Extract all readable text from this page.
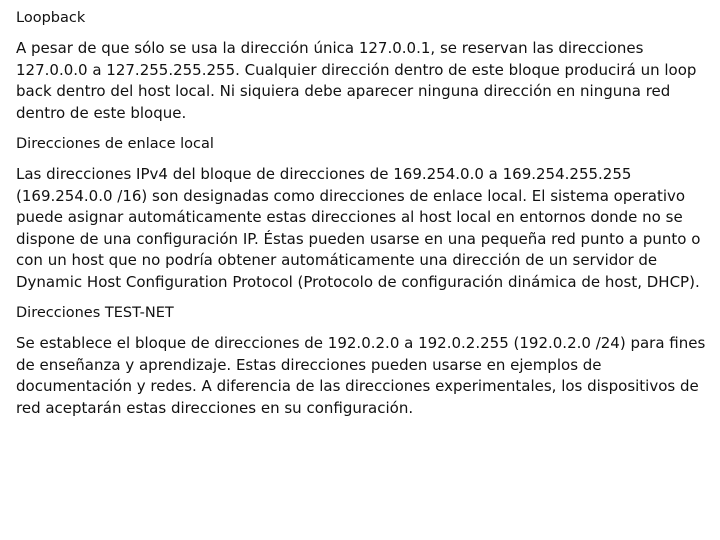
Loopback

A pesar de que sólo se usa la dirección única 127.0.0.1, se reservan las direcciones 127.0.0.0 a 127.255.255.255. Cualquier dirección dentro de este bloque producirá un loop back dentro del host local. Ni siquiera debe aparecer ninguna dirección en ninguna red dentro de este bloque.

Direcciones de enlace local

Las direcciones IPv4 del bloque de direcciones de 169.254.0.0 a 169.254.255.255 (169.254.0.0 /16) son designadas como direcciones de enlace local. El sistema operativo puede asignar automáticamente estas direcciones al host local en entornos donde no se dispone de una configuración IP. Éstas pueden usarse en una pequeña red punto a punto o con un host que no podría obtener automáticamente una dirección de un servidor de Dynamic Host Configuration Protocol (Protocolo de configuración dinámica de host, DHCP).

Direcciones TEST-NET

Se establece el bloque de direcciones de 192.0.2.0 a 192.0.2.255 (192.0.2.0 /24) para fines de enseñanza y aprendizaje. Estas direcciones pueden usarse en ejemplos de documentación y redes. A diferencia de las direcciones experimentales, los dispositivos de red aceptarán estas direcciones en su configuración.
